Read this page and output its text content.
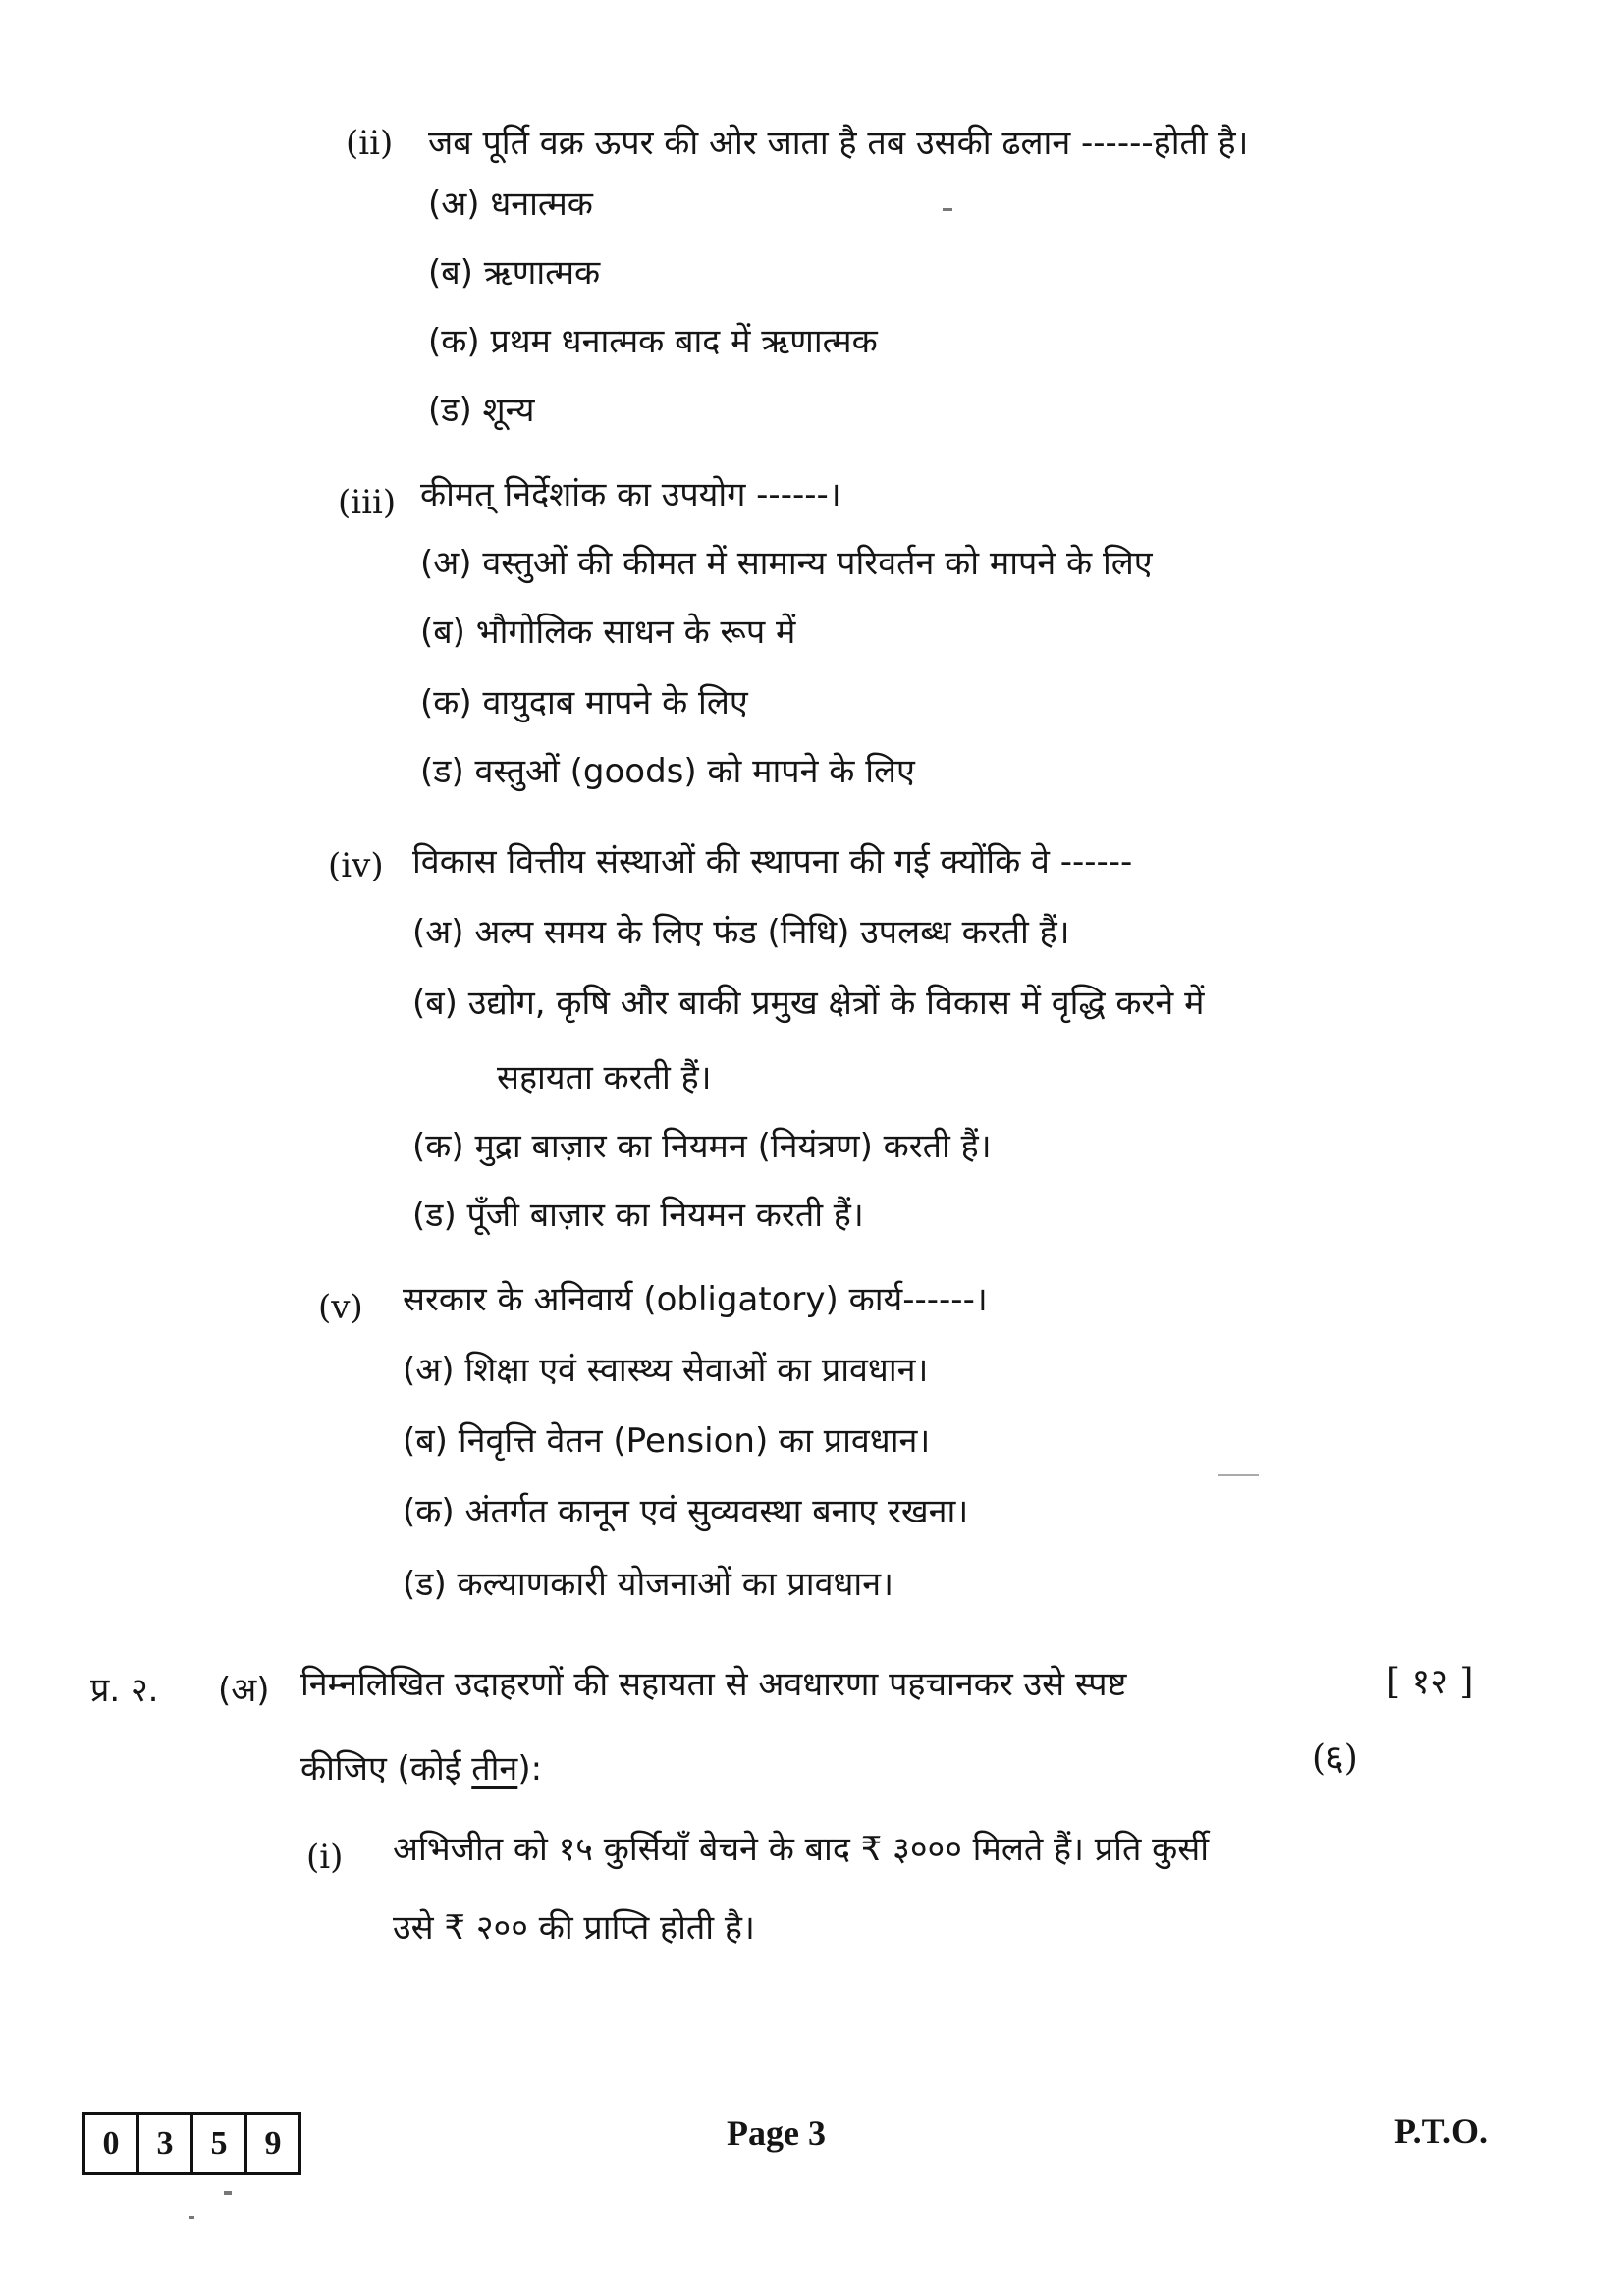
(ii) जब पूर्ति वक्र ऊपर की ओर जाता है तब उसकी ढलान ------होती है।
(अ) धनात्मक
(ब) ऋणात्मक
(क) प्रथम धनात्मक बाद में ऋणात्मक
(ड) शून्य
(iii) कीमत् निर्देशांक का उपयोग ------।
(अ) वस्तुओं की कीमत में सामान्य परिवर्तन को मापने के लिए
(ब) भौगोलिक साधन के रूप में
(क) वायुदाब मापने के लिए
(ड) वस्तुओं (goods) को मापने के लिए
(iv) विकास वित्तीय संस्थाओं की स्थापना की गई क्योंकि वे ------
(अ) अल्प समय के लिए फंड (निधि) उपलब्ध करती हैं।
(ब) उद्योग, कृषि और बाकी प्रमुख क्षेत्रों के विकास में वृद्धि करने में
सहायता करती हैं।
(क) मुद्रा बाज़ार का नियमन (नियंत्रण) करती हैं।
(ड) पूँजी बाज़ार का नियमन करती हैं।
(v) सरकार के अनिवार्य (obligatory) कार्य------।
(अ) शिक्षा एवं स्वास्थ्य सेवाओं का प्रावधान।
(ब) निवृत्ति वेतन (Pension) का प्रावधान।
(क) अंतर्गत कानून एवं सुव्यवस्था बनाए रखना।
(ड) कल्याणकारी योजनाओं का प्रावधान।
प्र. २. (अ) निम्नलिखित उदाहरणों की सहायता से अवधारणा पहचानकर उसे स्पष्ट	[ १२ ]
कीजिए (कोई तीन):	(६)
(i) अभिजीत को १५ कुर्सियाँ बेचने के बाद ₹ ३००० मिलते हैं। प्रति कुर्सी
उसे ₹ २०० की प्राप्ति होती है।
0	3	5	9	Page 3	P.T.O.
